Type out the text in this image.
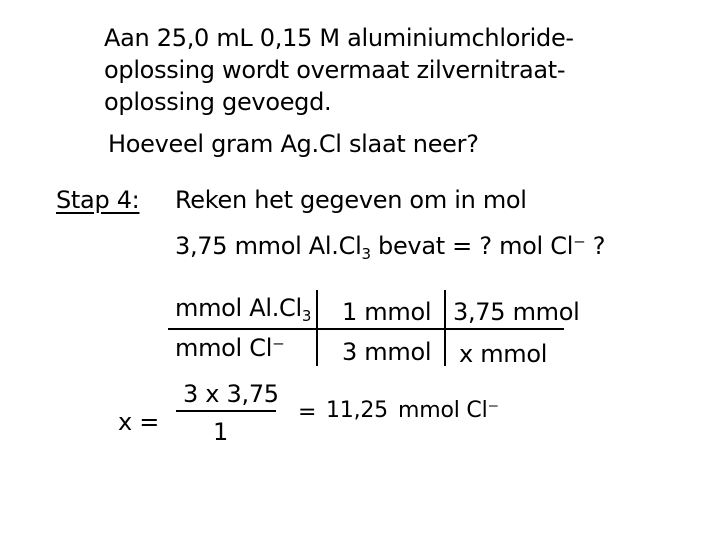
Aan 25,0 mL 0,15 M aluminiumchloride-
oplossing wordt overmaat zilvernitraat-
oplossing gevoegd.
Hoeveel gram Ag.Cl slaat neer?
Stap 4: Reken het gegeven om in mol
3,75 mmol $Al.Cl_3$ bevat = ? mol Cl⁻ ?
mmol $Al.Cl_3$
mmol Cl⁻
1 mmol
3 mmol
3,75 mmol
x mmol
x =
3 x 3,75
1
= 11,25 mmol Cl⁻
